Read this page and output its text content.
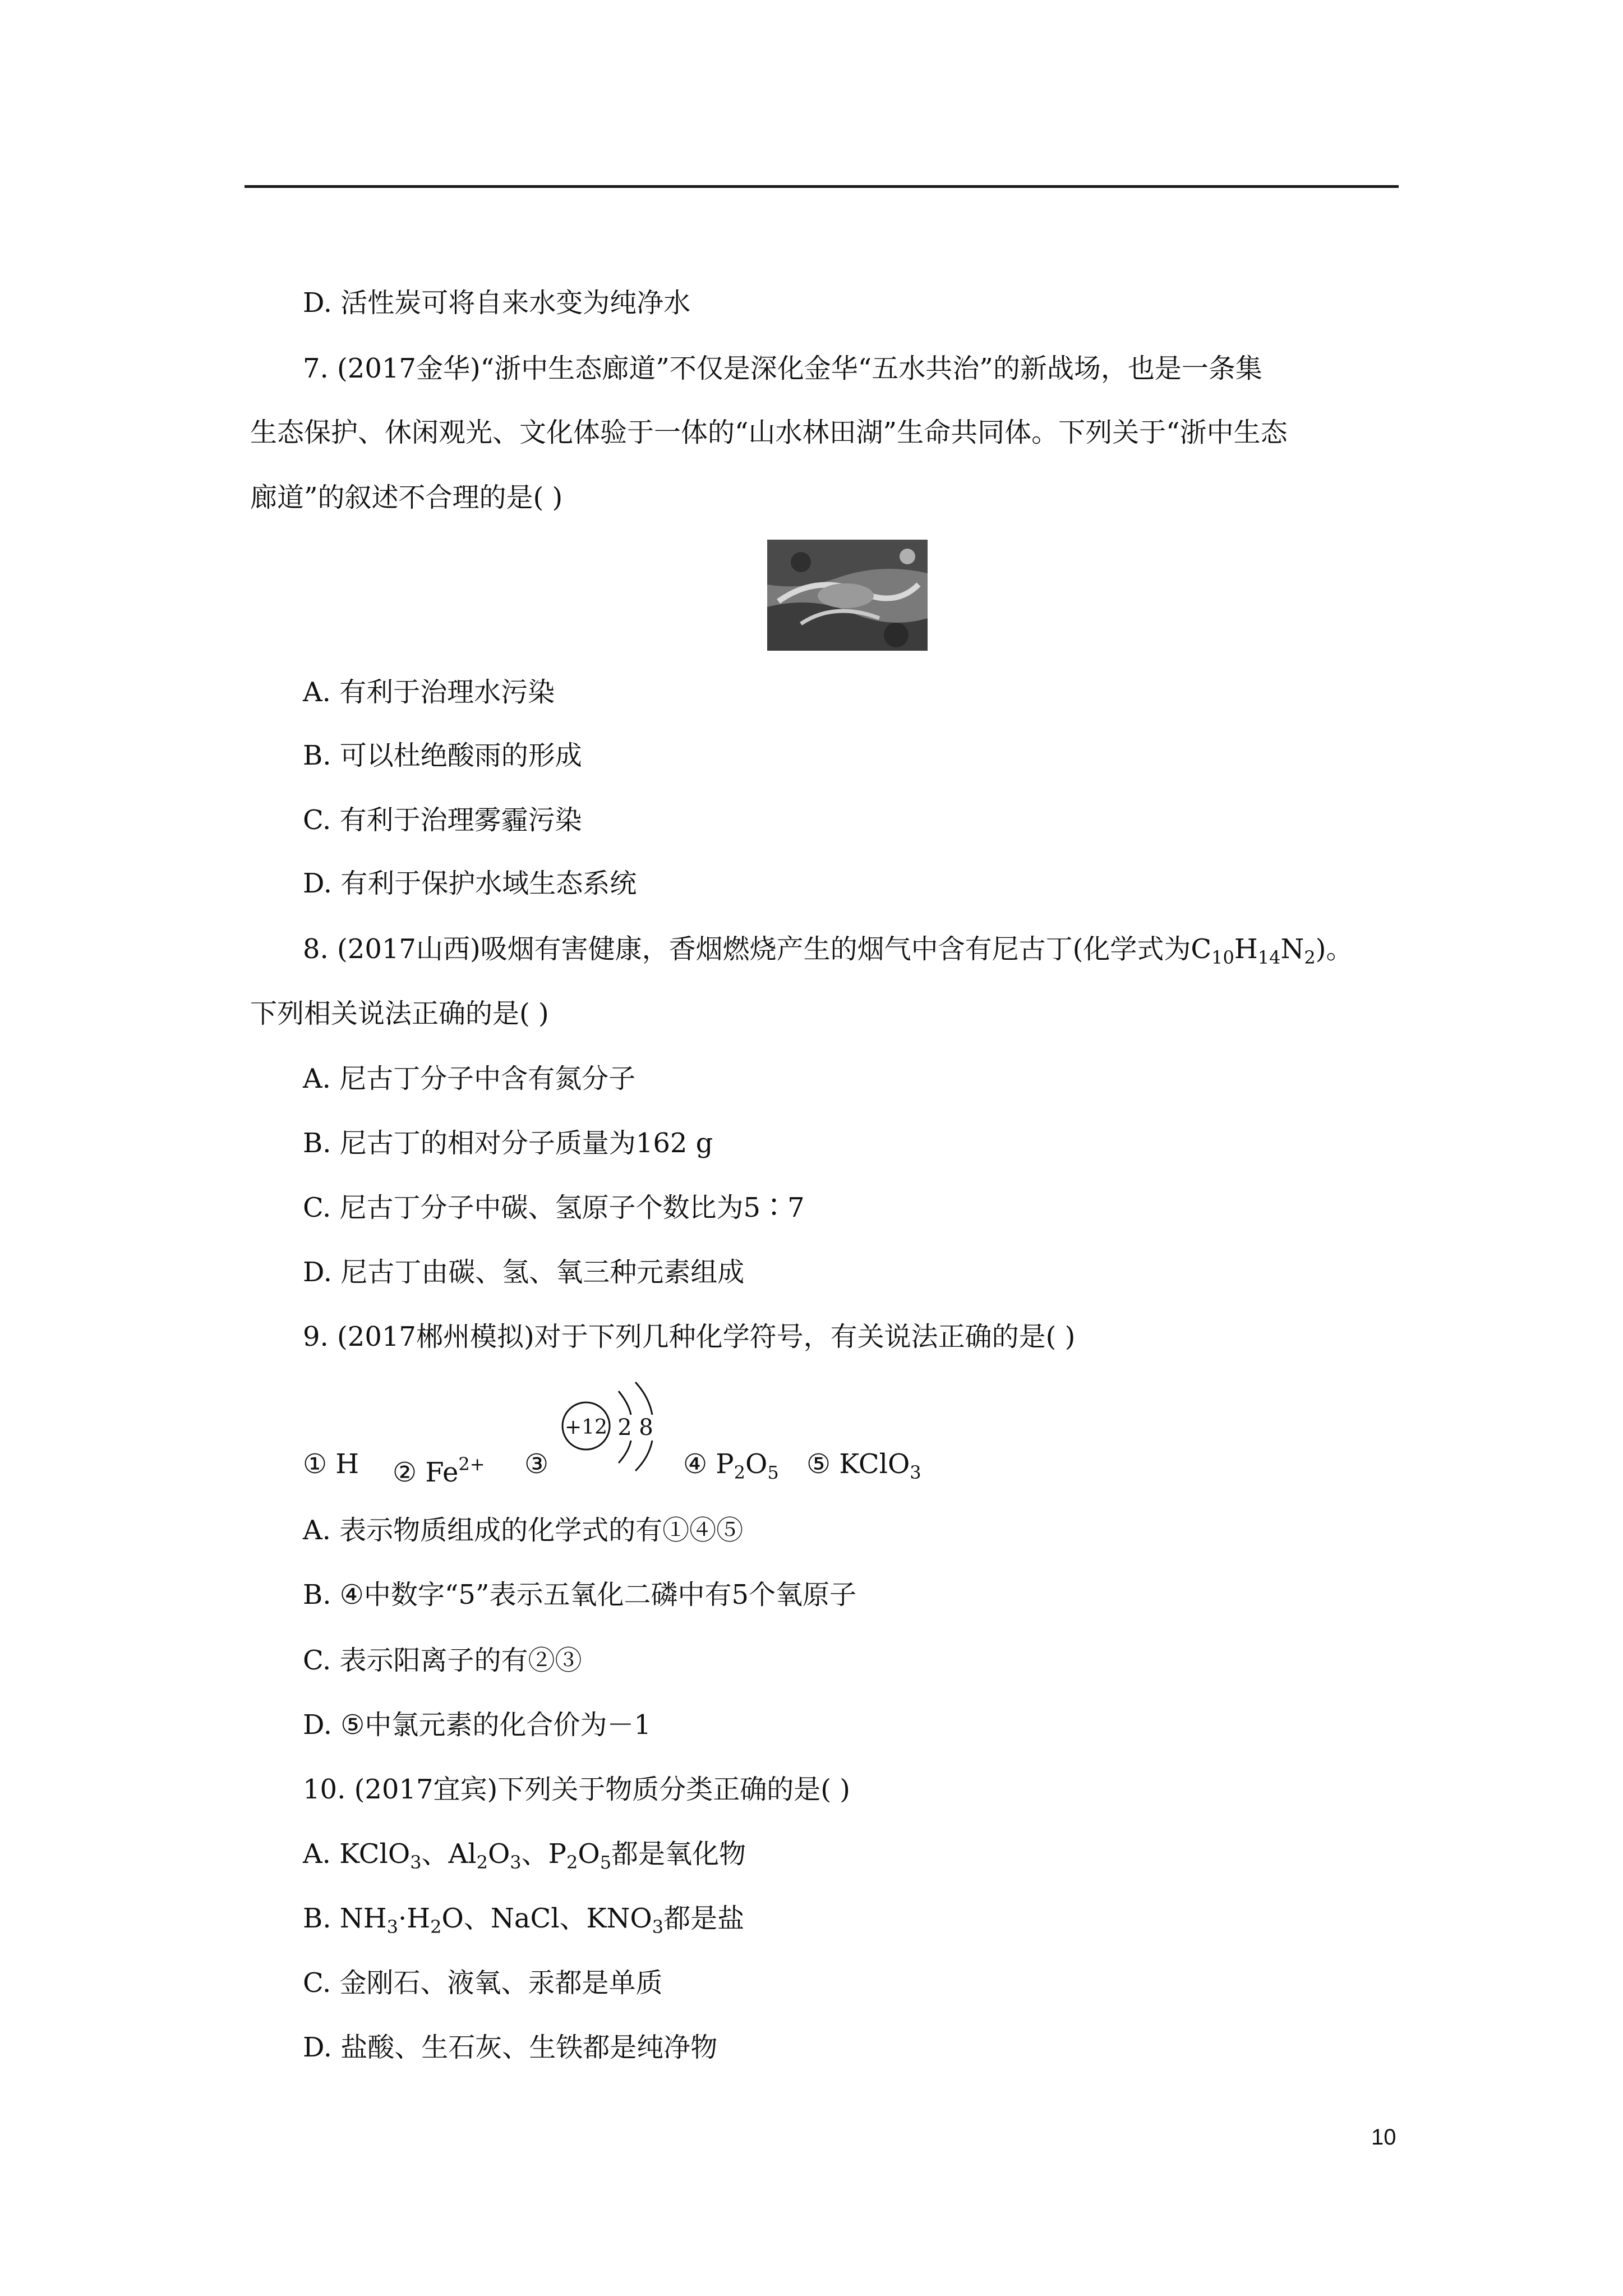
D. 活性炭可将自来水变为纯净水
7. (2017金华)“浙中生态廊道”不仅是深化金华“五水共治”的新战场，也是一条集
生态保护、休闲观光、文化体验于一体的“山水林田湖”生命共同体。下列关于“浙中生态
廊道”的叙述不合理的是( )
A. 有利于治理水污染
B. 可以杜绝酸雨的形成
C. 有利于治理雾霾污染
D. 有利于保护水域生态系统
8. (2017山西)吸烟有害健康，香烟燃烧产生的烟气中含有尼古丁(化学式为$C_{10}H_{14}N_2$)。
下列相关说法正确的是( )
A. 尼古丁分子中含有氮分子
B. 尼古丁的相对分子质量为162 g
C. 尼古丁分子中碳、氢原子个数比为5∶7
D. 尼古丁由碳、氢、氧三种元素组成
9. (2017郴州模拟)对于下列几种化学符号，有关说法正确的是( )
① H ② $Fe^{2+}$ ③
+12 2 8
④ $P_2O_5$ ⑤ KClO$_3$
A. 表示物质组成的化学式的有①④⑤
B. ④中数字“5”表示五氧化二磷中有5个氧原子
C. 表示阳离子的有②③
D. ⑤中氯元素的化合价为－1
10. (2017宜宾)下列关于物质分类正确的是( )
A. KClO$_3$、$Al_2O_3$、$P_2O_5$都是氧化物
B. $NH_3\cdot H_2O$、NaCl、$KNO_3$都是盐
C. 金刚石、液氧、汞都是单质
D. 盐酸、生石灰、生铁都是纯净物
10
